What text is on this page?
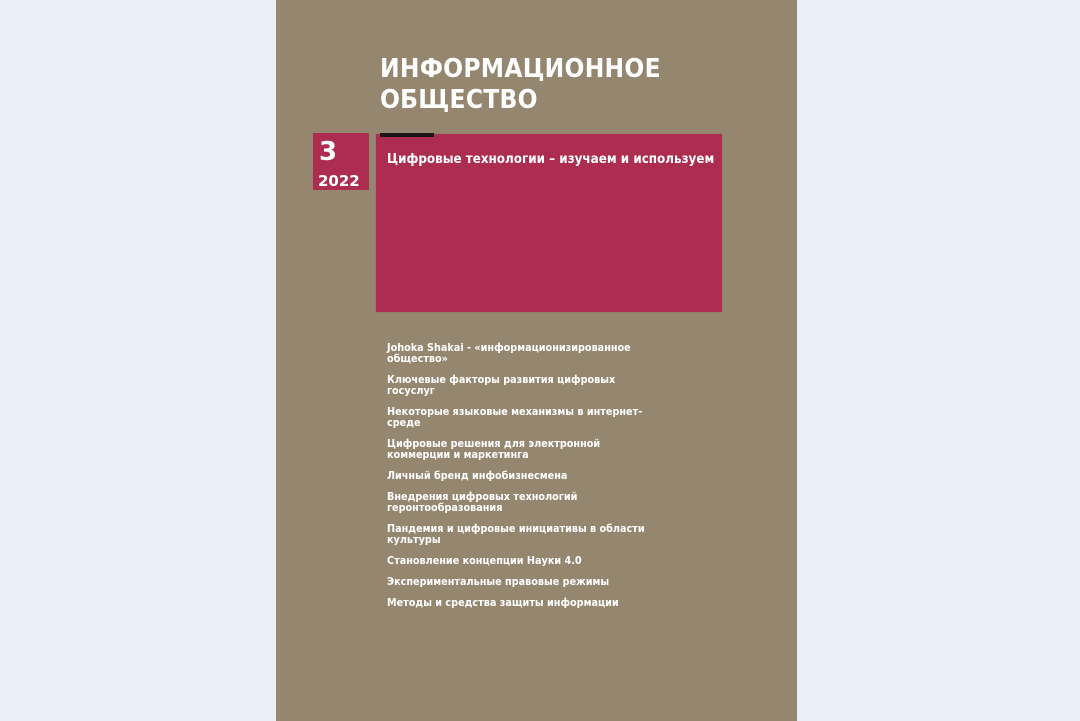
ИНФОРМАЦИОННОЕ
ОБЩЕСТВО
3
2022
Цифровые технологии – изучаем и используем
Johoka Shakai - «информационизированное общество»
Ключевые факторы развития цифровых госуслуг
Некоторые языковые механизмы в интернет-среде
Цифровые решения для электронной коммерции и маркетинга
Личный бренд инфобизнесмена
Внедрения цифровых технологий геронтообразования
Пандемия и цифровые инициативы в области культуры
Становление концепции Науки 4.0
Экспериментальные правовые режимы
Методы и средства защиты информации
